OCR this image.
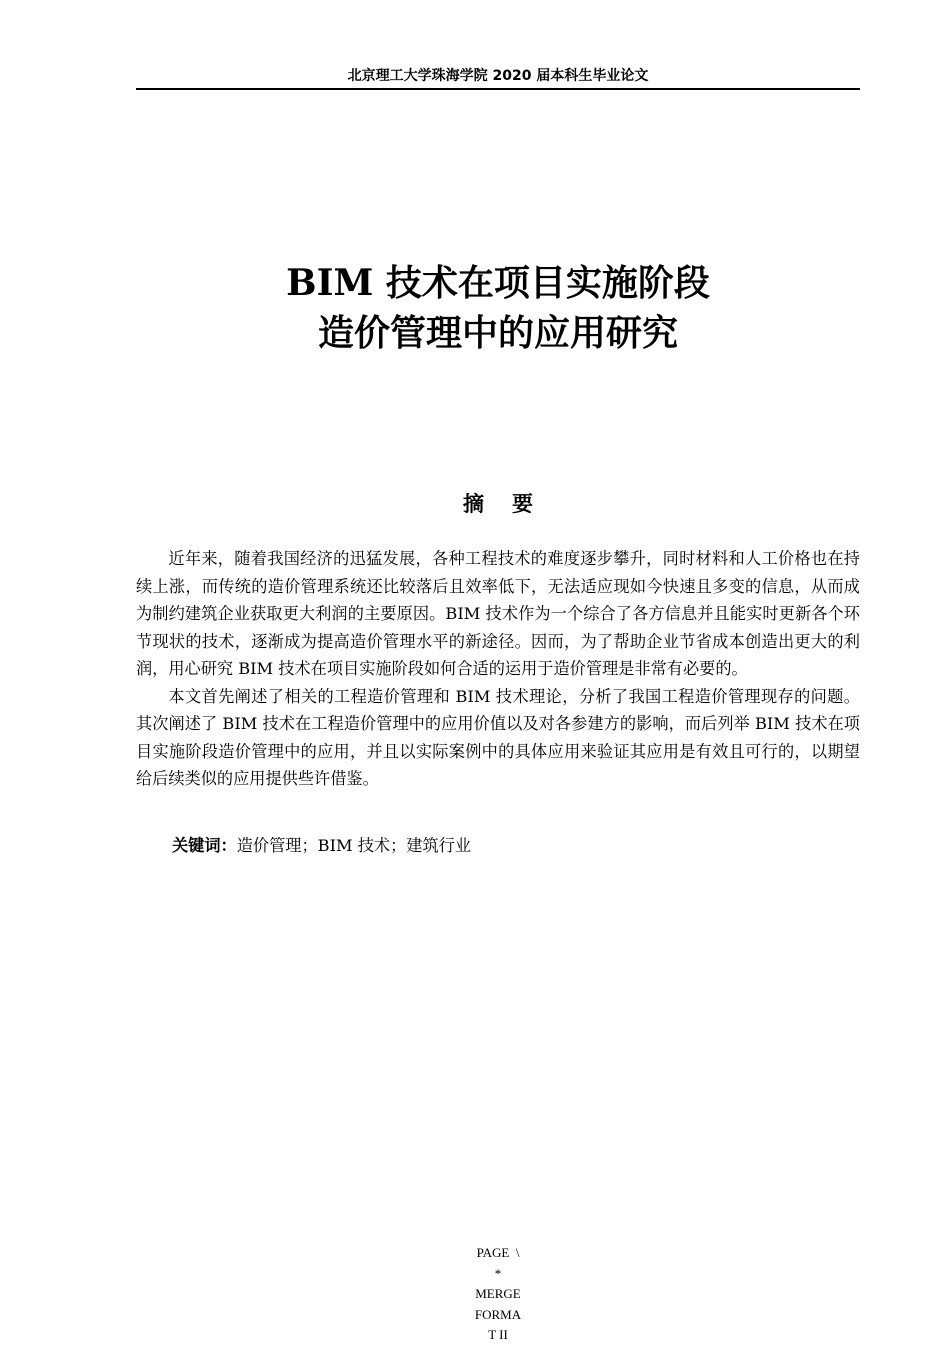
北京理工大学珠海学院 2020 届本科生毕业论文
BIM 技术在项目实施阶段
造价管理中的应用研究
摘要

近年来，随着我国经济的迅猛发展，各种工程技术的难度逐步攀升，同时材料和人工价格也在持续上涨，而传统的造价管理系统还比较落后且效率低下，无法适应现如今快速且多变的信息，从而成为制约建筑企业获取更大利润的主要原因。BIM 技术作为一个综合了各方信息并且能实时更新各个环节现状的技术，逐渐成为提高造价管理水平的新途径。因而，为了帮助企业节省成本创造出更大的利润，用心研究 BIM 技术在项目实施阶段如何合适的运用于造价管理是非常有必要的。

本文首先阐述了相关的工程造价管理和 BIM 技术理论，分析了我国工程造价管理现存的问题。其次阐述了 BIM 技术在工程造价管理中的应用价值以及对各参建方的影响，而后列举 BIM 技术在项目实施阶段造价管理中的应用，并且以实际案例中的具体应用来验证其应用是有效且可行的，以期望给后续类似的应用提供些许借鉴。

关键词：造价管理；BIM 技术；建筑行业
PAGE  \
*
MERGE
FORMA
T II
